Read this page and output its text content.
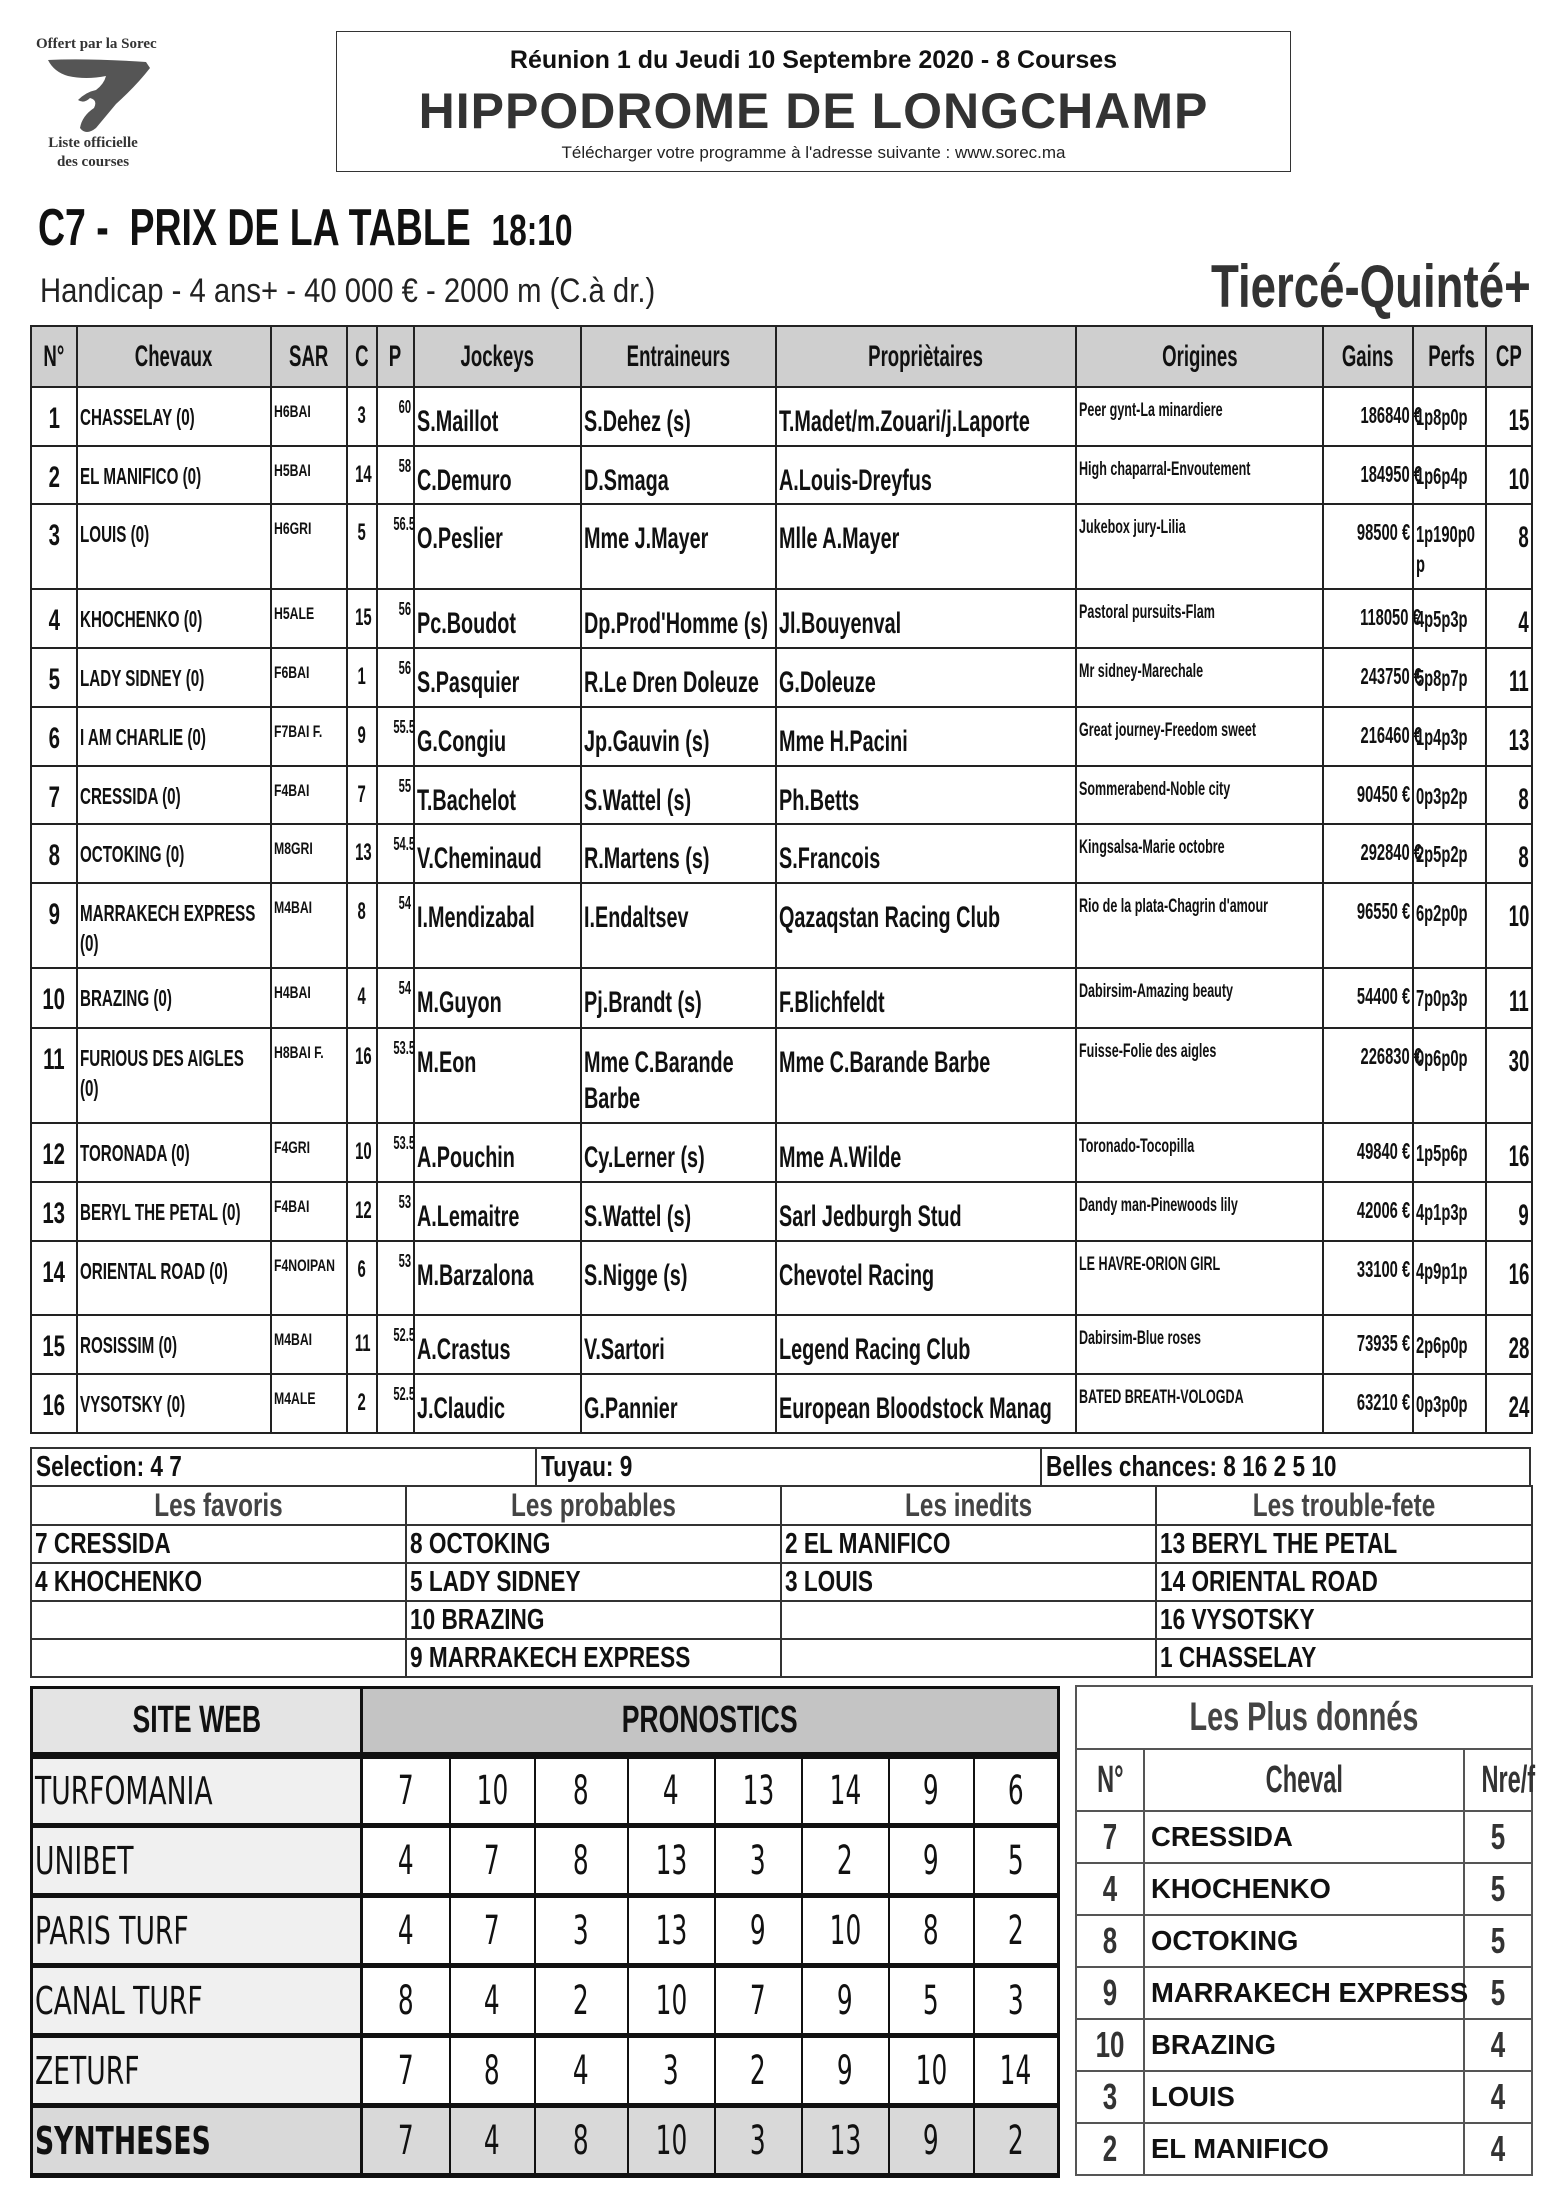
Offert par la Sorec
Liste officielle
des courses
Réunion 1 du Jeudi 10 Septembre 2020 - 8 Courses
HIPPODROME DE LONGCHAMP
Télécharger votre programme à l'adresse suivante : www.sorec.ma
C7 -  PRIX DE LA TABLE 18:10
Handicap - 4 ans+ - 40 000 € - 2000 m (C.à dr.)	Tiercé-Quinté+
N°	Chevaux	SAR	C	P	Jockeys	Entraineurs	Propriètaires	Origines	Gains	Perfs	CP
1	CHASSELAY (0)	H6BAI	3	60	S.Maillot	S.Dehez (s)	T.Madet/m.Zouari/j.Laporte	Peer gynt-La minardiere	186840 €	1p8p0p	15
2	EL MANIFICO (0)	H5BAI	14	58	C.Demuro	D.Smaga	A.Louis-Dreyfus	High chaparral-Envoutement	184950 €	1p6p4p	10
3	LOUIS (0)	H6GRI	5	56.5	O.Peslier	Mme J.Mayer	Mlle A.Mayer	Jukebox jury-Lilia	98500 €	1p190p0p	8
4	KHOCHENKO (0)	H5ALE	15	56	Pc.Boudot	Dp.Prod'Homme (s)	Jl.Bouyenval	Pastoral pursuits-Flam	118050 €	4p5p3p	4
5	LADY SIDNEY (0)	F6BAI	1	56	S.Pasquier	R.Le Dren Doleuze	G.Doleuze	Mr sidney-Marechale	243750 €	5p8p7p	11
6	I AM CHARLIE (0)	F7BAI F.	9	55.5	G.Congiu	Jp.Gauvin (s)	Mme H.Pacini	Great journey-Freedom sweet	216460 €	1p4p3p	13
7	CRESSIDA (0)	F4BAI	7	55	T.Bachelot	S.Wattel (s)	Ph.Betts	Sommerabend-Noble city	90450 €	0p3p2p	8
8	OCTOKING (0)	M8GRI	13	54.5	V.Cheminaud	R.Martens (s)	S.Francois	Kingsalsa-Marie octobre	292840 €	2p5p2p	8
9	MARRAKECH EXPRESS (0)	M4BAI	8	54	I.Mendizabal	I.Endaltsev	Qazaqstan Racing Club	Rio de la plata-Chagrin d'amour	96550 €	6p2p0p	10
10	BRAZING (0)	H4BAI	4	54	M.Guyon	Pj.Brandt (s)	F.Blichfeldt	Dabirsim-Amazing beauty	54400 €	7p0p3p	11
11	FURIOUS DES AIGLES (0)	H8BAI F.	16	53.5	M.Eon	Mme C.Barande Barbe	Mme C.Barande Barbe	Fuisse-Folie des aigles	226830 €	0p6p0p	30
12	TORONADA (0)	F4GRI	10	53.5	A.Pouchin	Cy.Lerner (s)	Mme A.Wilde	Toronado-Tocopilla	49840 €	1p5p6p	16
13	BERYL THE PETAL (0)	F4BAI	12	53	A.Lemaitre	S.Wattel (s)	Sarl Jedburgh Stud	Dandy man-Pinewoods lily	42006 €	4p1p3p	9
14	ORIENTAL ROAD (0)	F4NOIPAN	6	53	M.Barzalona	S.Nigge (s)	Chevotel Racing	LE HAVRE-ORION GIRL	33100 €	4p9p1p	16
15	ROSISSIM (0)	M4BAI	11	52.5	A.Crastus	V.Sartori	Legend Racing Club	Dabirsim-Blue roses	73935 €	2p6p0p	28
16	VYSOTSKY (0)	M4ALE	2	52.5	J.Claudic	G.Pannier	European Bloodstock Manag	BATED BREATH-VOLOGDA	63210 €	0p3p0p	24
Selection: 4 7	Tuyau: 9	Belles chances: 8 16 2 5 10
Les favoris	Les probables	Les inedits	Les trouble-fete
7 CRESSIDA	8 OCTOKING	2 EL MANIFICO	13 BERYL THE PETAL
4 KHOCHENKO	5 LADY SIDNEY	3 LOUIS	14 ORIENTAL ROAD
	10 BRAZING		16 VYSOTSKY
	9 MARRAKECH EXPRESS		1 CHASSELAY
SITE WEB	PRONOSTICS							
TURFOMANIA	7	10	8	4	13	14	9	6
UNIBET	4	7	8	13	3	2	9	5
PARIS TURF	4	7	3	13	9	10	8	2
CANAL TURF	8	4	2	10	7	9	5	3
ZETURF	7	8	4	3	2	9	10	14
SYNTHESES	7	4	8	10	3	13	9	2
Les Plus donnés		
N°	Cheval	Nre/f
7	CRESSIDA	5
4	KHOCHENKO	5
8	OCTOKING	5
9	MARRAKECH EXPRESS	5
10	BRAZING	4
3	LOUIS	4
2	EL MANIFICO	4
